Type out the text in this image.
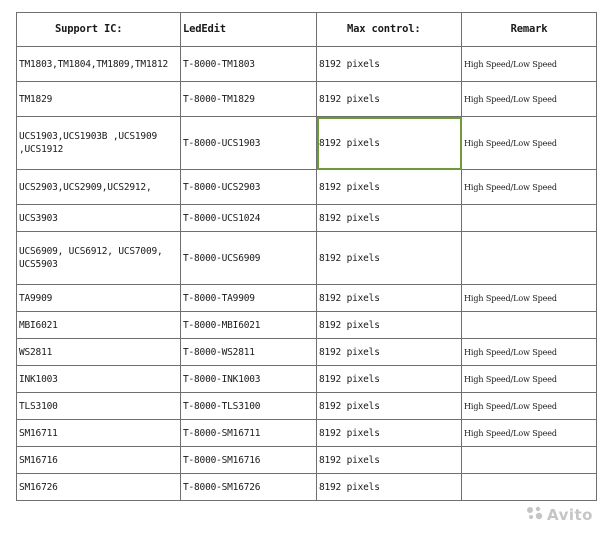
Support IC:	LedEdit	Max control:	Remark
TM1803,TM1804,TM1809,TM1812	T-8000-TM1803	8192 pixels	High Speed/Low Speed
TM1829	T-8000-TM1829	8192 pixels	High Speed/Low Speed
UCS1903,UCS1903B ,UCS1909 ,UCS1912	T-8000-UCS1903	8192 pixels	High Speed/Low Speed
UCS2903,UCS2909,UCS2912,	T-8000-UCS2903	8192 pixels	High Speed/Low Speed
UCS3903	T-8000-UCS1024	8192 pixels	
UCS6909, UCS6912, UCS7009, UCS5903	T-8000-UCS6909	8192 pixels	
TA9909	T-8000-TA9909	8192 pixels	High Speed/Low Speed
MBI6021	T-8000-MBI6021	8192 pixels	
WS2811	T-8000-WS2811	8192 pixels	High Speed/Low Speed
INK1003	T-8000-INK1003	8192 pixels	High Speed/Low Speed
TLS3100	T-8000-TLS3100	8192 pixels	High Speed/Low Speed
SM16711	T-8000-SM16711	8192 pixels	High Speed/Low Speed
SM16716	T-8000-SM16716	8192 pixels	
SM16726	T-8000-SM16726	8192 pixels	
Avito
